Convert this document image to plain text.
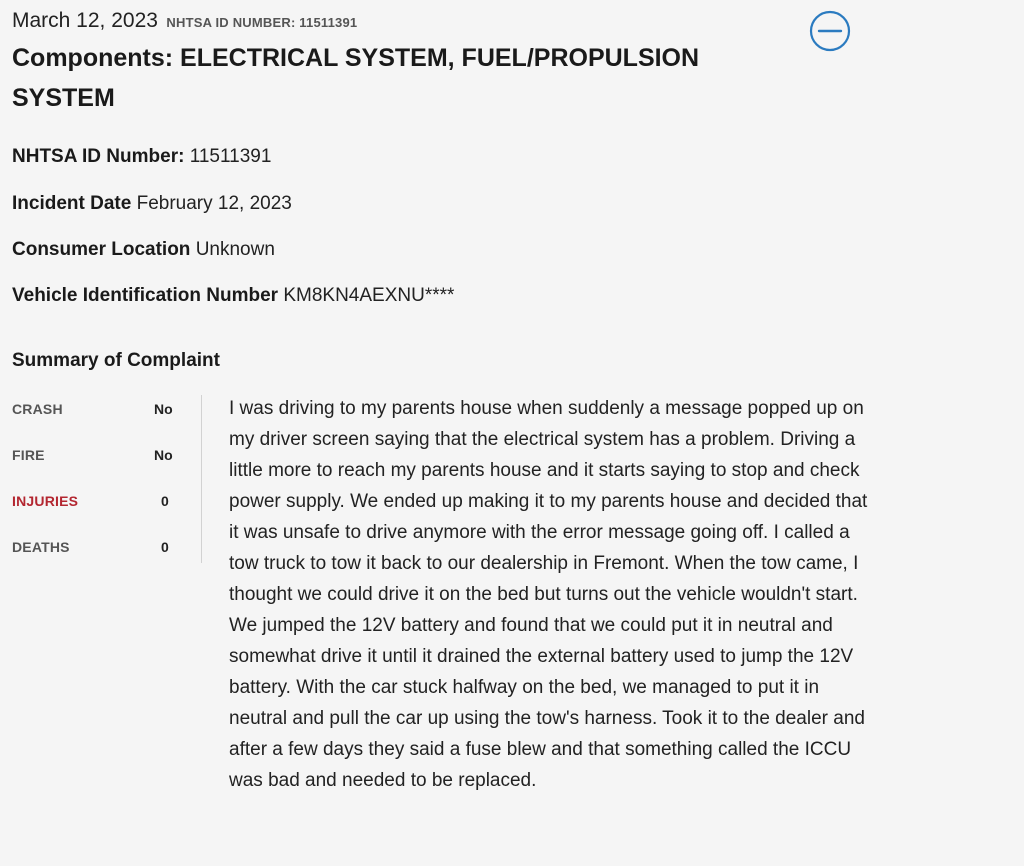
March 12, 2023 NHTSA ID NUMBER: 11511391
Components: ELECTRICAL SYSTEM, FUEL/PROPULSION SYSTEM
NHTSA ID Number: 11511391
Incident Date February 12, 2023
Consumer Location Unknown
Vehicle Identification Number KM8KN4AEXNU****
Summary of Complaint
CRASH	No
FIRE	No
INJURIES	0
DEATHS	0
I was driving to my parents house when suddenly a message popped up on my driver screen saying that the electrical system has a problem. Driving a little more to reach my parents house and it starts saying to stop and check power supply. We ended up making it to my parents house and decided that it was unsafe to drive anymore with the error message going off. I called a tow truck to tow it back to our dealership in Fremont. When the tow came, I thought we could drive it on the bed but turns out the vehicle wouldn't start. We jumped the 12V battery and found that we could put it in neutral and somewhat drive it until it drained the external battery used to jump the 12V battery. With the car stuck halfway on the bed, we managed to put it in neutral and pull the car up using the tow's harness. Took it to the dealer and after a few days they said a fuse blew and that something called the ICCU was bad and needed to be replaced.
